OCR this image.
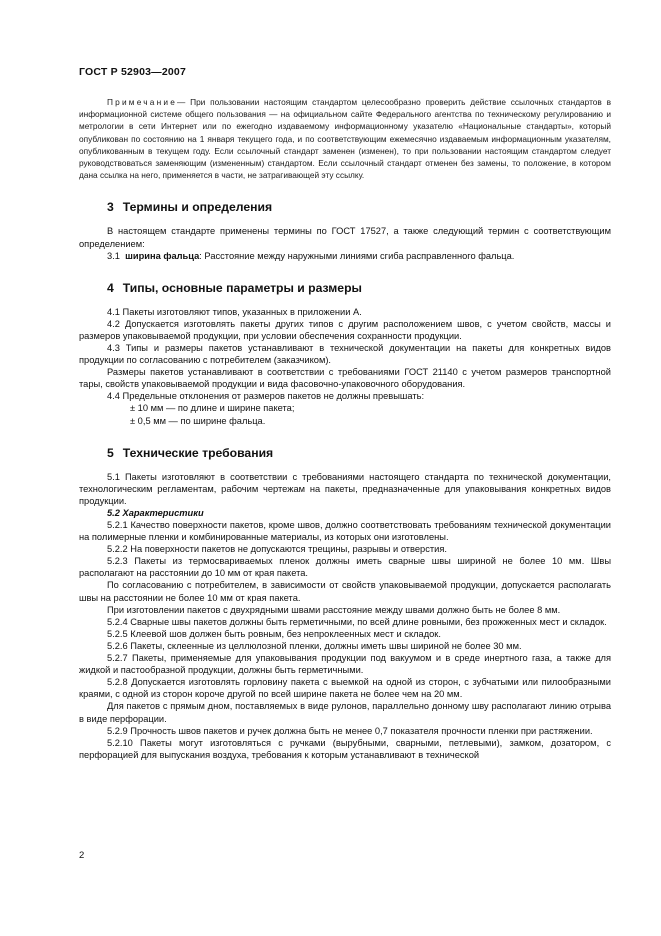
ГОСТ Р 52903—2007

Примечание— При пользовании настоящим стандартом целесообразно проверить действие ссылочных стандартов в информационной системе общего пользования — на официальном сайте Федерального агентства по техническому регулированию и метрологии в сети Интернет или по ежегодно издаваемому информационному указателю «Национальные стандарты», который опубликован по состоянию на 1 января текущего года, и по соответствующим ежемесячно издаваемым информационным указателям, опубликованным в текущем году. Если ссылочный стандарт заменен (изменен), то при пользовании настоящим стандартом следует руководствоваться заменяющим (измененным) стандартом. Если ссылочный стандарт отменен без замены, то положение, в котором дана ссылка на него, применяется в части, не затрагивающей эту ссылку.

3 Термины и определения

В настоящем стандарте применены термины по ГОСТ 17527, а также следующий термин с соответствующим определением:

3.1 ширина фальца: Расстояние между наружными линиями сгиба расправленного фальца.

4 Типы, основные параметры и размеры

4.1 Пакеты изготовляют типов, указанных в приложении А.

4.2 Допускается изготовлять пакеты других типов с другим расположением швов, с учетом свойств, массы и размеров упаковываемой продукции, при условии обеспечения сохранности продукции.

4.3 Типы и размеры пакетов устанавливают в технической документации на пакеты для конкретных видов продукции по согласованию с потребителем (заказчиком).

Размеры пакетов устанавливают в соответствии с требованиями ГОСТ 21140 с учетом размеров транспортной тары, свойств упаковываемой продукции и вида фасовочно-упаковочного оборудования.

4.4 Предельные отклонения от размеров пакетов не должны превышать:

± 10 мм — по длине и ширине пакета;
± 0,5 мм — по ширине фальца.
5 Технические требования

5.1 Пакеты изготовляют в соответствии с требованиями настоящего стандарта по технической документации, технологическим регламентам, рабочим чертежам на пакеты, предназначенные для упаковывания конкретных видов продукции.

5.2 Характеристики

5.2.1 Качество поверхности пакетов, кроме швов, должно соответствовать требованиям технической документации на полимерные пленки и комбинированные материалы, из которых они изготовлены.

5.2.2 На поверхности пакетов не допускаются трещины, разрывы и отверстия.

5.2.3 Пакеты из термосвариваемых пленок должны иметь сварные швы шириной не более 10 мм. Швы располагают на расстоянии до 10 мм от края пакета.

По согласованию с потребителем, в зависимости от свойств упаковываемой продукции, допускается располагать швы на расстоянии не более 10 мм от края пакета.

При изготовлении пакетов с двухрядными швами расстояние между швами должно быть не более 8 мм.

5.2.4 Сварные швы пакетов должны быть герметичными, по всей длине ровными, без прожженных мест и складок.

5.2.5 Клеевой шов должен быть ровным, без непроклеенных мест и складок.

5.2.6 Пакеты, склеенные из целлюлозной пленки, должны иметь швы шириной не более 30 мм.

5.2.7 Пакеты, применяемые для упаковывания продукции под вакуумом и в среде инертного газа, а также для жидкой и пастообразной продукции, должны быть герметичными.

5.2.8 Допускается изготовлять горловину пакета с выемкой на одной из сторон, с зубчатыми или пилообразными краями, с одной из сторон короче другой по всей ширине пакета не более чем на 20 мм.

Для пакетов с прямым дном, поставляемых в виде рулонов, параллельно донному шву располагают линию отрыва в виде перфорации.

5.2.9 Прочность швов пакетов и ручек должна быть не менее 0,7 показателя прочности пленки при растяжении.

5.2.10 Пакеты могут изготовляться с ручками (вырубными, сварными, петлевыми), замком, дозатором, с перфорацией для выпускания воздуха, требования к которым устанавливают в технической

2
